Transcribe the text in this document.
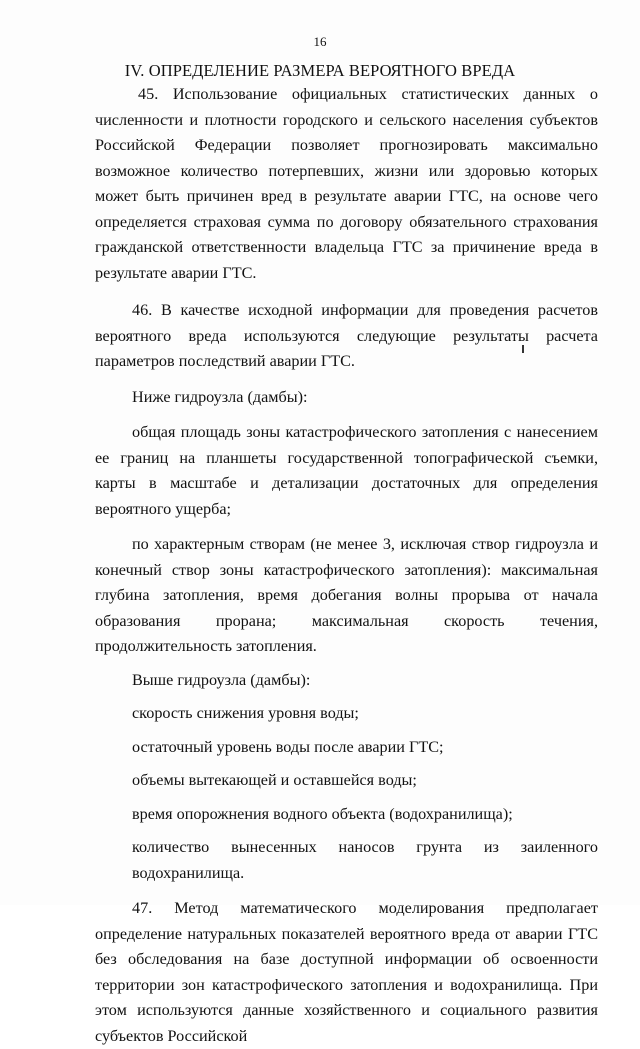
16
IV. ОПРЕДЕЛЕНИЕ РАЗМЕРА ВЕРОЯТНОГО ВРЕДА

45. Использование официальных статистических данных о численности и плотности городского и сельского населения субъектов Российской Федерации позволяет прогнозировать максимально возможное количество потерпевших, жизни или здоровью которых может быть причинен вред в результате аварии ГТС, на основе чего определяется страховая сумма по договору обязательного страхования гражданской ответственности владельца ГТС за причинение вреда в результате аварии ГТС.

46. В качестве исходной информации для проведения расчетов вероятного вреда используются следующие результаты расчета параметров последствий аварии ГТС.

Ниже гидроузла (дамбы):

общая площадь зоны катастрофического затопления с нанесением ее границ на планшеты государственной топографической съемки, карты в масштабе и детализации достаточных для определения вероятного ущерба;

по характерным створам (не менее 3, исключая створ гидроузла и конечный створ зоны катастрофического затопления): максимальная глубина затопления, время добегания волны прорыва от начала образования прорана; максимальная скорость течения, продолжительность затопления.

Выше гидроузла (дамбы):

скорость снижения уровня воды;

остаточный уровень воды после аварии ГТС;

объемы вытекающей и оставшейся воды;

время опорожнения водного объекта (водохранилища);

количество вынесенных наносов грунта из заиленного водохранилища.

47. Метод математического моделирования предполагает определение натуральных показателей вероятного вреда от аварии ГТС без обследования на базе доступной информации об освоенности территории зон катастрофического затопления и водохранилища. При этом используются данные хозяйственного и социального развития субъектов Российской
